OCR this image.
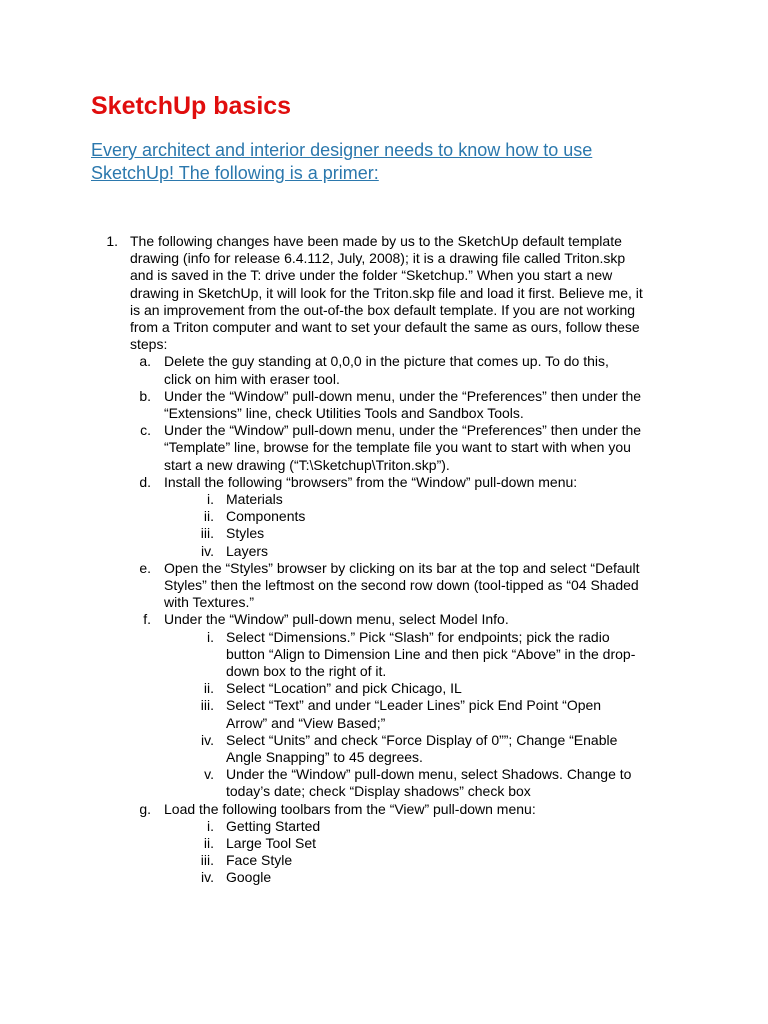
SketchUp basics
Every architect and interior designer needs to know how to use
SketchUp! The following is a primer:
1. The following changes have been made by us to the SketchUp default template
drawing (info for release 6.4.112, July, 2008); it is a drawing file called Triton.skp
and is saved in the T: drive under the folder “Sketchup.” When you start a new
drawing in SketchUp, it will look for the Triton.skp file and load it first. Believe me, it
is an improvement from the out-of-the box default template. If you are not working
from a Triton computer and want to set your default the same as ours, follow these
steps:
a. Delete the guy standing at 0,0,0 in the picture that comes up. To do this,
click on him with eraser tool.
b. Under the “Window” pull-down menu, under the “Preferences” then under the
“Extensions” line, check Utilities Tools and Sandbox Tools.
c. Under the “Window” pull-down menu, under the “Preferences” then under the
“Template” line, browse for the template file you want to start with when you
start a new drawing (“T:\Sketchup\Triton.skp”).
d. Install the following “browsers” from the “Window” pull-down menu:
i. Materials
ii. Components
iii. Styles
iv. Layers
e. Open the “Styles” browser by clicking on its bar at the top and select “Default
Styles” then the leftmost on the second row down (tool-tipped as “04 Shaded
with Textures.”
f. Under the “Window” pull-down menu, select Model Info.
i. Select “Dimensions.” Pick “Slash” for endpoints; pick the radio
button “Align to Dimension Line and then pick “Above” in the drop-
down box to the right of it.
ii. Select “Location” and pick Chicago, IL
iii. Select “Text” and under “Leader Lines” pick End Point “Open
Arrow” and “View Based;”
iv. Select “Units” and check “Force Display of 0””; Change “Enable
Angle Snapping” to 45 degrees.
v. Under the “Window” pull-down menu, select Shadows. Change to
today’s date; check “Display shadows” check box
g. Load the following toolbars from the “View” pull-down menu:
i. Getting Started
ii. Large Tool Set
iii. Face Style
iv. Google
